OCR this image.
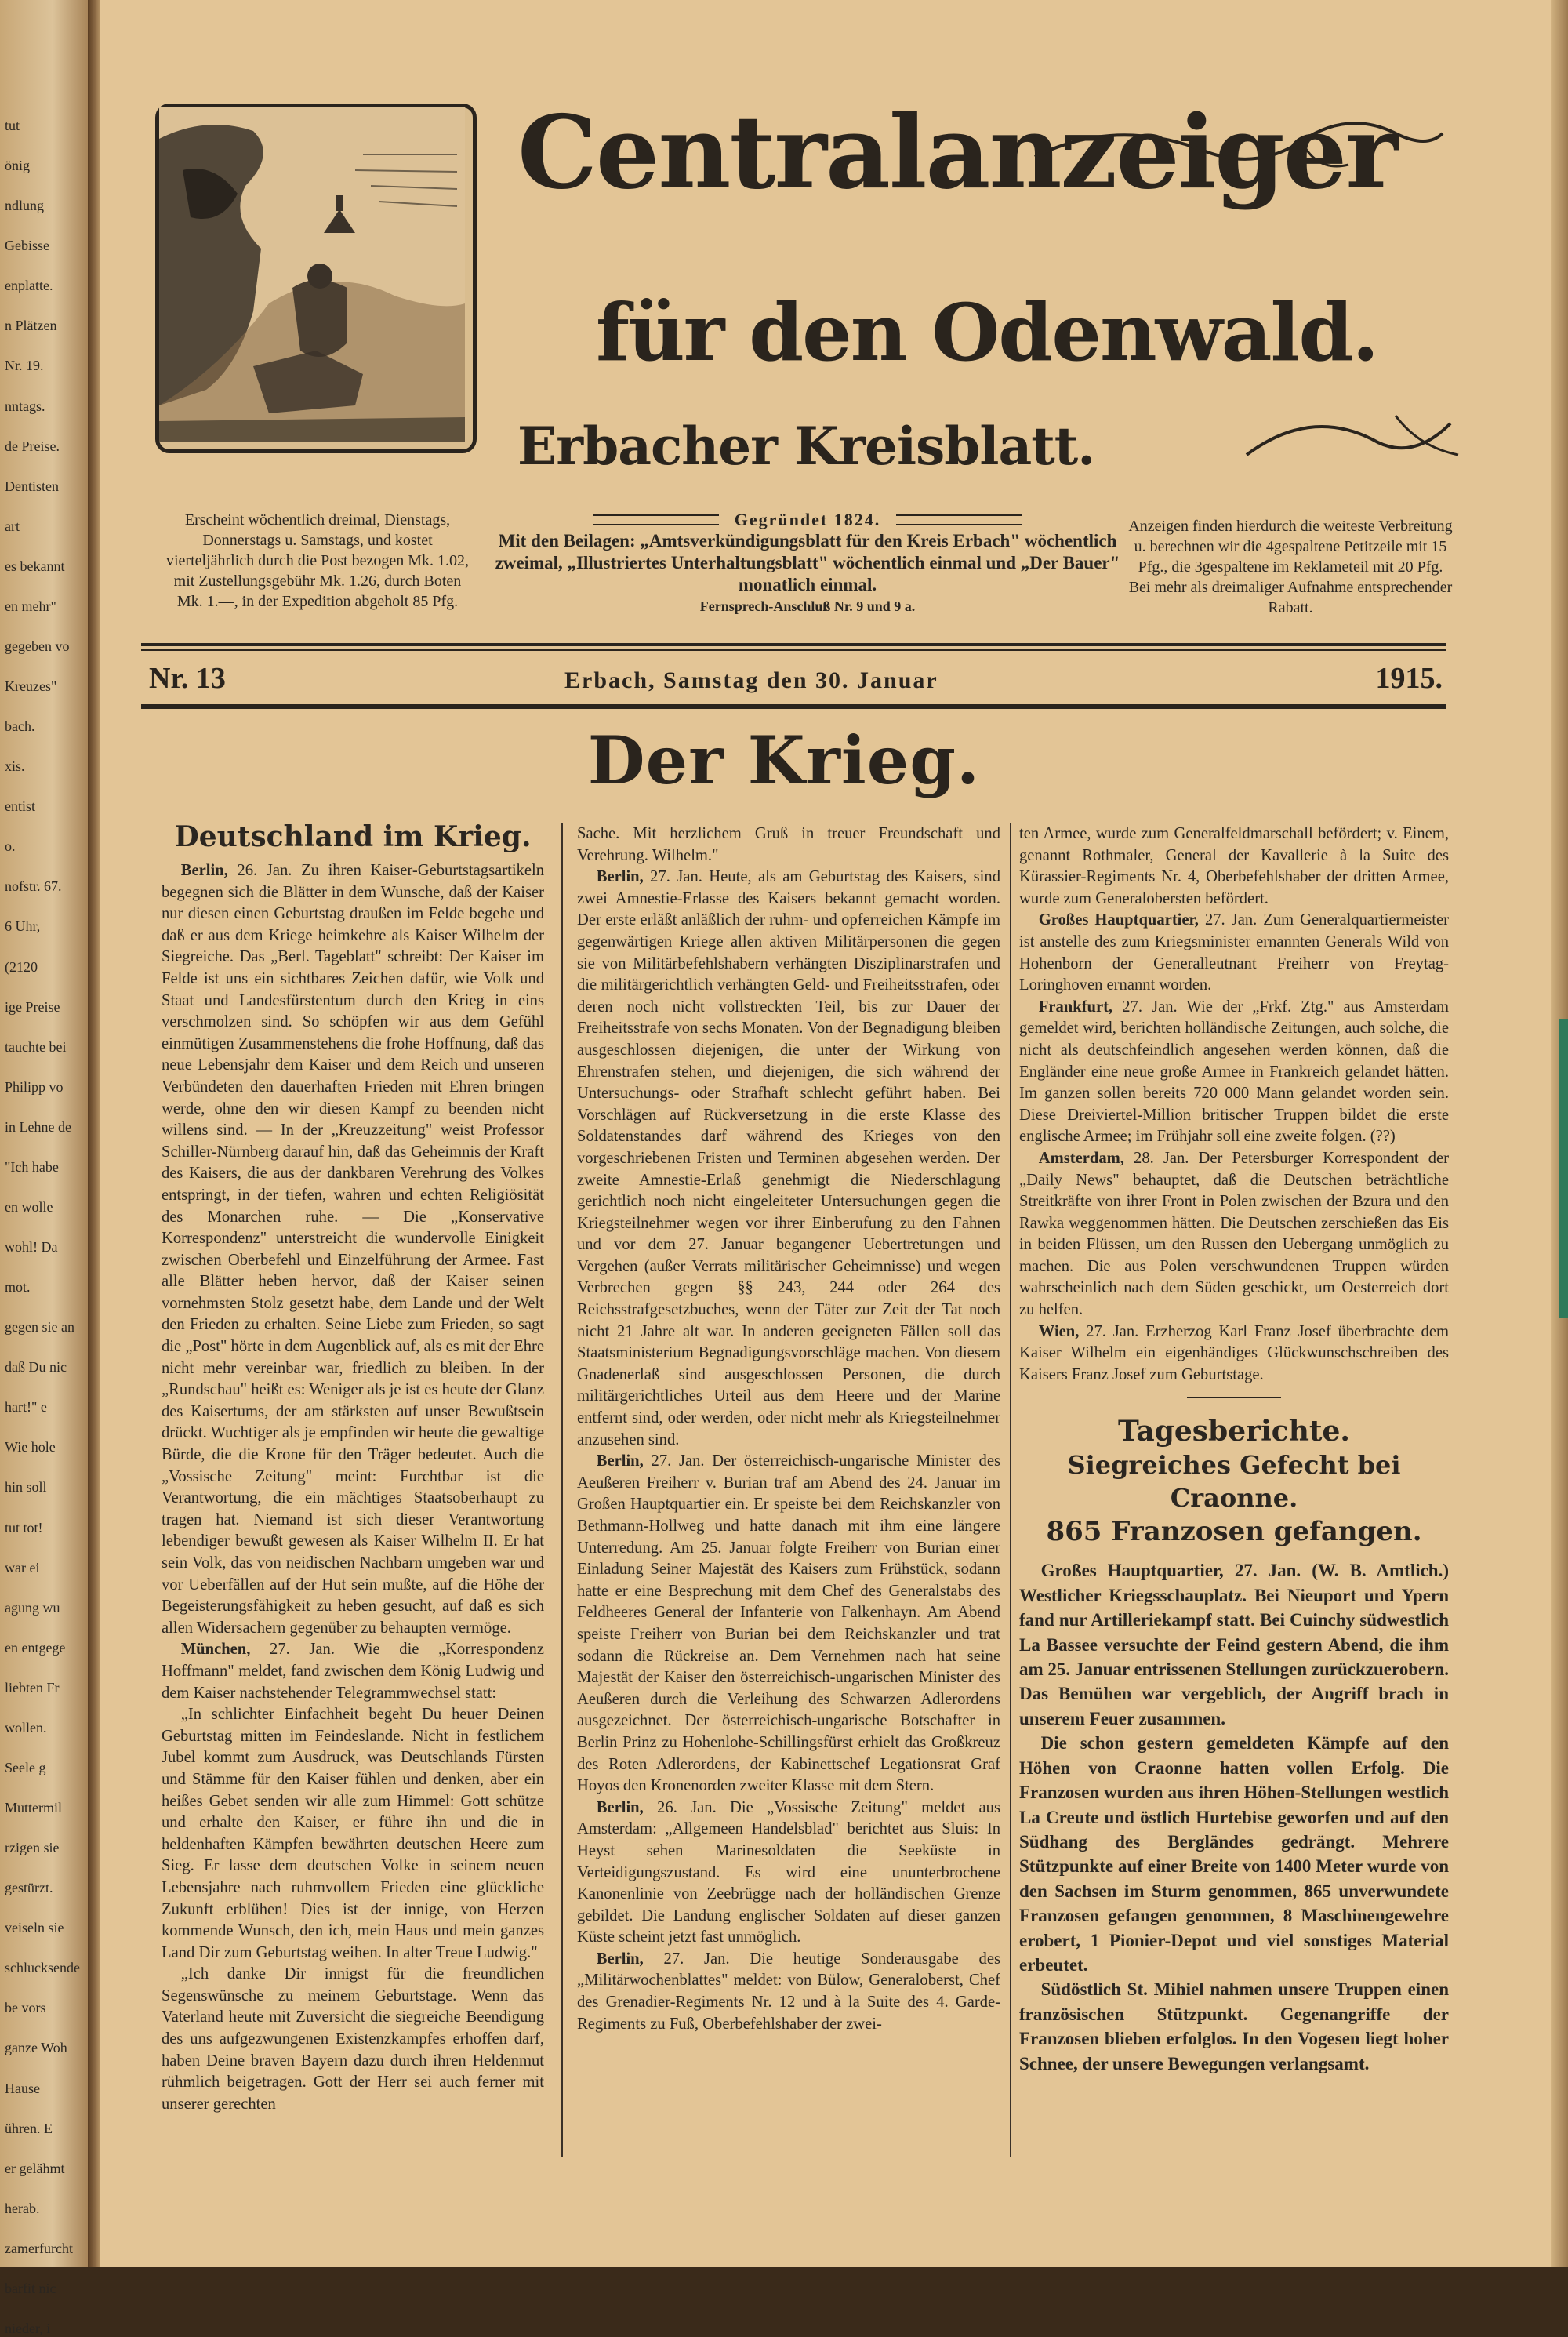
tut
önig
ndlung
Gebisse
enplatte.
n Plätzen
Nr. 19.
nntags.
de Preise.
Dentisten
art
es bekannt
en mehr"
gegeben vo
Kreuzes"
bach.
xis.
entist
o.
nofstr. 67.
6 Uhr,
(2120
ige Preise
tauchte bei
Philipp vo
in Lehne de
"Ich habe
en wolle
wohl! Da
mot.
gegen sie an
daß Du nic
hart!" e
Wie hole
hin soll
tut tot!
war ei
agung wu
en entgege
liebten Fr
wollen.
Seele g
Muttermil
rzigen sie
gestürzt.
veiseln sie
schlucksende
be vors
ganze Woh
Hause
ühren. E
er gelähmt
herab.
zamerfurcht
barfit nic
nieder, i
Centralanzeiger
für den Odenwald.
Erbacher Kreisblatt.
Erscheint wöchentlich dreimal, Dienstags, Donnerstags u. Samstags, und kostet vierteljährlich durch die Post bezogen Mk. 1.02, mit Zustellungsgebühr Mk. 1.26, durch Boten Mk. 1.—, in der Expedition abgeholt 85 Pfg.
Gegründet 1824.
Mit den Beilagen: „Amtsverkündigungsblatt für den Kreis Erbach" wöchentlich zweimal, „Illustriertes Unterhaltungsblatt" wöchentlich einmal und „Der Bauer" monatlich einmal.
Fernsprech-Anschluß Nr. 9 und 9 a.
Anzeigen finden hierdurch die weiteste Verbreitung u. berechnen wir die 4gespaltene Petitzeile mit 15 Pfg., die 3gespaltene im Reklameteil mit 20 Pfg. Bei mehr als dreimaliger Aufnahme entsprechender Rabatt.
Nr. 13	Erbach, Samstag den 30. Januar	1915.
Der Krieg.
Deutschland im Krieg.

Berlin, 26. Jan. Zu ihren Kaiser-Geburtstagsartikeln begegnen sich die Blätter in dem Wunsche, daß der Kaiser nur diesen einen Geburtstag draußen im Felde begehe und daß er aus dem Kriege heimkehre als Kaiser Wilhelm der Siegreiche. Das „Berl. Tageblatt" schreibt: Der Kaiser im Felde ist uns ein sichtbares Zeichen dafür, wie Volk und Staat und Landesfürstentum durch den Krieg in eins verschmolzen sind. So schöpfen wir aus dem Gefühl einmütigen Zusammenstehens die frohe Hoffnung, daß das neue Lebensjahr dem Kaiser und dem Reich und unseren Verbündeten den dauerhaften Frieden mit Ehren bringen werde, ohne den wir diesen Kampf zu beenden nicht willens sind. — In der „Kreuzzeitung" weist Professor Schiller-Nürnberg darauf hin, daß das Geheimnis der Kraft des Kaisers, die aus der dankbaren Verehrung des Volkes entspringt, in der tiefen, wahren und echten Religiösität des Monarchen ruhe. — Die „Konservative Korrespondenz" unterstreicht die wundervolle Einigkeit zwischen Oberbefehl und Einzelführung der Armee. Fast alle Blätter heben hervor, daß der Kaiser seinen vornehmsten Stolz gesetzt habe, dem Lande und der Welt den Frieden zu erhalten. Seine Liebe zum Frieden, so sagt die „Post" hörte in dem Augenblick auf, als es mit der Ehre nicht mehr vereinbar war, friedlich zu bleiben. In der „Rundschau" heißt es: Weniger als je ist es heute der Glanz des Kaisertums, der am stärksten auf unser Bewußtsein drückt. Wuchtiger als je empfinden wir heute die gewaltige Bürde, die die Krone für den Träger bedeutet. Auch die „Vossische Zeitung" meint: Furchtbar ist die Verantwortung, die ein mächtiges Staatsoberhaupt zu tragen hat. Niemand ist sich dieser Verantwortung lebendiger bewußt gewesen als Kaiser Wilhelm II. Er hat sein Volk, das von neidischen Nachbarn umgeben war und vor Ueberfällen auf der Hut sein mußte, auf die Höhe der Begeisterungsfähigkeit zu heben gesucht, auf daß es sich allen Widersachern gegenüber zu behaupten vermöge.

München, 27. Jan. Wie die „Korrespondenz Hoffmann" meldet, fand zwischen dem König Ludwig und dem Kaiser nachstehender Telegrammwechsel statt:

„In schlichter Einfachheit begeht Du heuer Deinen Geburtstag mitten im Feindeslande. Nicht in festlichem Jubel kommt zum Ausdruck, was Deutschlands Fürsten und Stämme für den Kaiser fühlen und denken, aber ein heißes Gebet senden wir alle zum Himmel: Gott schütze und erhalte den Kaiser, er führe ihn und die in heldenhaften Kämpfen bewährten deutschen Heere zum Sieg. Er lasse dem deutschen Volke in seinem neuen Lebensjahre nach ruhmvollem Frieden eine glückliche Zukunft erblühen! Dies ist der innige, von Herzen kommende Wunsch, den ich, mein Haus und mein ganzes Land Dir zum Geburtstag weihen. In alter Treue Ludwig."

„Ich danke Dir innigst für die freundlichen Segenswünsche zu meinem Geburtstage. Wenn das Vaterland heute mit Zuversicht die siegreiche Beendigung des uns aufgezwungenen Existenzkampfes erhoffen darf, haben Deine braven Bayern dazu durch ihren Heldenmut rühmlich beigetragen. Gott der Herr sei auch ferner mit unserer gerechten

Sache. Mit herzlichem Gruß in treuer Freundschaft und Verehrung. Wilhelm."

Berlin, 27. Jan. Heute, als am Geburtstag des Kaisers, sind zwei Amnestie-Erlasse des Kaisers bekannt gemacht worden. Der erste erläßt anläßlich der ruhm- und opferreichen Kämpfe im gegenwärtigen Kriege allen aktiven Militärpersonen die gegen sie von Militärbefehlshabern verhängten Disziplinarstrafen und die militärgerichtlich verhängten Geld- und Freiheitsstrafen, oder deren noch nicht vollstreckten Teil, bis zur Dauer der Freiheitsstrafe von sechs Monaten. Von der Begnadigung bleiben ausgeschlossen diejenigen, die unter der Wirkung von Ehrenstrafen stehen, und diejenigen, die sich während der Untersuchungs- oder Strafhaft schlecht geführt haben. Bei Vorschlägen auf Rückversetzung in die erste Klasse des Soldatenstandes darf während des Krieges von den vorgeschriebenen Fristen und Terminen abgesehen werden. Der zweite Amnestie-Erlaß genehmigt die Niederschlagung gerichtlich noch nicht eingeleiteter Untersuchungen gegen die Kriegsteilnehmer wegen vor ihrer Einberufung zu den Fahnen und vor dem 27. Januar begangener Uebertretungen und Vergehen (außer Verrats militärischer Geheimnisse) und wegen Verbrechen gegen §§ 243, 244 oder 264 des Reichsstrafgesetzbuches, wenn der Täter zur Zeit der Tat noch nicht 21 Jahre alt war. In anderen geeigneten Fällen soll das Staatsministerium Begnadigungsvorschläge machen. Von diesem Gnadenerlaß sind ausgeschlossen Personen, die durch militärgerichtliches Urteil aus dem Heere und der Marine entfernt sind, oder werden, oder nicht mehr als Kriegsteilnehmer anzusehen sind.

Berlin, 27. Jan. Der österreichisch-ungarische Minister des Aeußeren Freiherr v. Burian traf am Abend des 24. Januar im Großen Hauptquartier ein. Er speiste bei dem Reichskanzler von Bethmann-Hollweg und hatte danach mit ihm eine längere Unterredung. Am 25. Januar folgte Freiherr von Burian einer Einladung Seiner Majestät des Kaisers zum Frühstück, sodann hatte er eine Besprechung mit dem Chef des Generalstabs des Feldheeres General der Infanterie von Falkenhayn. Am Abend speiste Freiherr von Burian bei dem Reichskanzler und trat sodann die Rückreise an. Dem Vernehmen nach hat seine Majestät der Kaiser den österreichisch-ungarischen Minister des Aeußeren durch die Verleihung des Schwarzen Adlerordens ausgezeichnet. Der österreichisch-ungarische Botschafter in Berlin Prinz zu Hohenlohe-Schillingsfürst erhielt das Großkreuz des Roten Adlerordens, der Kabinettschef Legationsrat Graf Hoyos den Kronenorden zweiter Klasse mit dem Stern.

Berlin, 26. Jan. Die „Vossische Zeitung" meldet aus Amsterdam: „Allgemeen Handelsblad" berichtet aus Sluis: In Heyst sehen Marinesoldaten die Seeküste in Verteidigungszustand. Es wird eine ununterbrochene Kanonenlinie von Zeebrügge nach der holländischen Grenze gebildet. Die Landung englischer Soldaten auf dieser ganzen Küste scheint jetzt fast unmöglich.

Berlin, 27. Jan. Die heutige Sonderausgabe des „Militärwochenblattes" meldet: von Bülow, Generaloberst, Chef des Grenadier-Regiments Nr. 12 und à la Suite des 4. Garde-Regiments zu Fuß, Oberbefehlshaber der zwei-

ten Armee, wurde zum Generalfeldmarschall befördert; v. Einem, genannt Rothmaler, General der Kavallerie à la Suite des Kürassier-Regiments Nr. 4, Oberbefehlshaber der dritten Armee, wurde zum Generalobersten befördert.

Großes Hauptquartier, 27. Jan. Zum Generalquartiermeister ist anstelle des zum Kriegsminister ernannten Generals Wild von Hohenborn der Generalleutnant Freiherr von Freytag-Loringhoven ernannt worden.

Frankfurt, 27. Jan. Wie der „Frkf. Ztg." aus Amsterdam gemeldet wird, berichten holländische Zeitungen, auch solche, die nicht als deutschfeindlich angesehen werden können, daß die Engländer eine neue große Armee in Frankreich gelandet hätten. Im ganzen sollen bereits 720 000 Mann gelandet worden sein. Diese Dreiviertel-Million britischer Truppen bildet die erste englische Armee; im Frühjahr soll eine zweite folgen. (??)

Amsterdam, 28. Jan. Der Petersburger Korrespondent der „Daily News" behauptet, daß die Deutschen beträchtliche Streitkräfte von ihrer Front in Polen zwischen der Bzura und den Rawka weggenommen hätten. Die Deutschen zerschießen das Eis in beiden Flüssen, um den Russen den Uebergang unmöglich zu machen. Die aus Polen verschwundenen Truppen würden wahrscheinlich nach dem Süden geschickt, um Oesterreich dort zu helfen.

Wien, 27. Jan. Erzherzog Karl Franz Josef überbrachte dem Kaiser Wilhelm ein eigenhändiges Glückwunschschreiben des Kaisers Franz Josef zum Geburtstage.

Tagesberichte.
Siegreiches Gefecht bei Craonne.
865 Franzosen gefangen.

Großes Hauptquartier, 27. Jan. (W. B. Amtlich.) Westlicher Kriegsschauplatz. Bei Nieuport und Ypern fand nur Artilleriekampf statt. Bei Cuinchy südwestlich La Bassee versuchte der Feind gestern Abend, die ihm am 25. Januar entrissenen Stellungen zurückzuerobern. Das Bemühen war vergeblich, der Angriff brach in unserem Feuer zusammen.

Die schon gestern gemeldeten Kämpfe auf den Höhen von Craonne hatten vollen Erfolg. Die Franzosen wurden aus ihren Höhen-Stellungen westlich La Creute und östlich Hurtebise geworfen und auf den Südhang des Bergländes gedrängt. Mehrere Stützpunkte auf einer Breite von 1400 Meter wurde von den Sachsen im Sturm genommen, 865 unverwundete Franzosen gefangen genommen, 8 Maschinengewehre erobert, 1 Pionier-Depot und viel sonstiges Material erbeutet.

Südöstlich St. Mihiel nahmen unsere Truppen einen französischen Stützpunkt. Gegenangriffe der Franzosen blieben erfolglos. In den Vogesen liegt hoher Schnee, der unsere Bewegungen verlangsamt.
